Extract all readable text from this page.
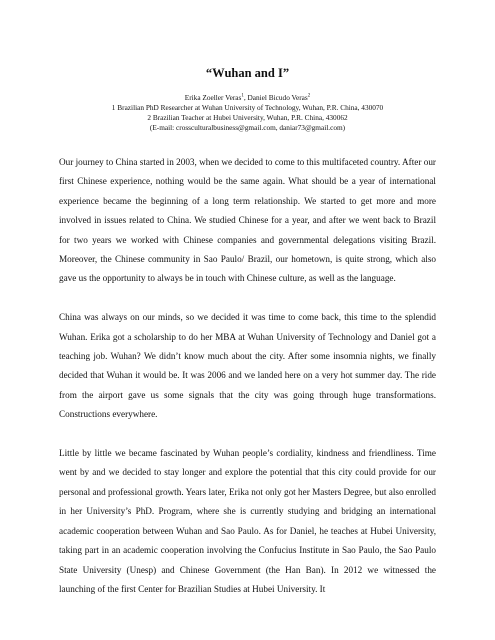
“Wuhan and I”
Erika Zoeller Veras$^1$, Daniel Bicudo Veras$^2$
1 Brazilian PhD Researcher at Wuhan University of Technology, Wuhan, P.R. China, 430070
2 Brazilian Teacher at Hubei University, Wuhan, P.R. China, 430062
(E-mail: crossculturalbusiness@gmail.com, daniar73@gmail.com)

Our journey to China started in 2003, when we decided to come to this multifaceted country. After our first Chinese experience, nothing would be the same again. What should be a year of international experience became the beginning of a long term relationship. We started to get more and more involved in issues related to China. We studied Chinese for a year, and after we went back to Brazil for two years we worked with Chinese companies and governmental delegations visiting Brazil. Moreover, the Chinese community in Sao Paulo/ Brazil, our hometown, is quite strong, which also gave us the opportunity to always be in touch with Chinese culture, as well as the language.

China was always on our minds, so we decided it was time to come back, this time to the splendid Wuhan. Erika got a scholarship to do her MBA at Wuhan University of Technology and Daniel got a teaching job. Wuhan? We didn’t know much about the city. After some insomnia nights, we finally decided that Wuhan it would be. It was 2006 and we landed here on a very hot summer day. The ride from the airport gave us some signals that the city was going through huge transformations. Constructions everywhere.

Little by little we became fascinated by Wuhan people’s cordiality, kindness and friendliness. Time went by and we decided to stay longer and explore the potential that this city could provide for our personal and professional growth. Years later, Erika not only got her Masters Degree, but also enrolled in her University’s PhD. Program, where she is currently studying and bridging an international academic cooperation between Wuhan and Sao Paulo. As for Daniel, he teaches at Hubei University, taking part in an academic cooperation involving the Confucius Institute in Sao Paulo, the Sao Paulo State University (Unesp) and Chinese Government (the Han Ban). In 2012 we witnessed the launching of the first Center for Brazilian Studies at Hubei University. It
